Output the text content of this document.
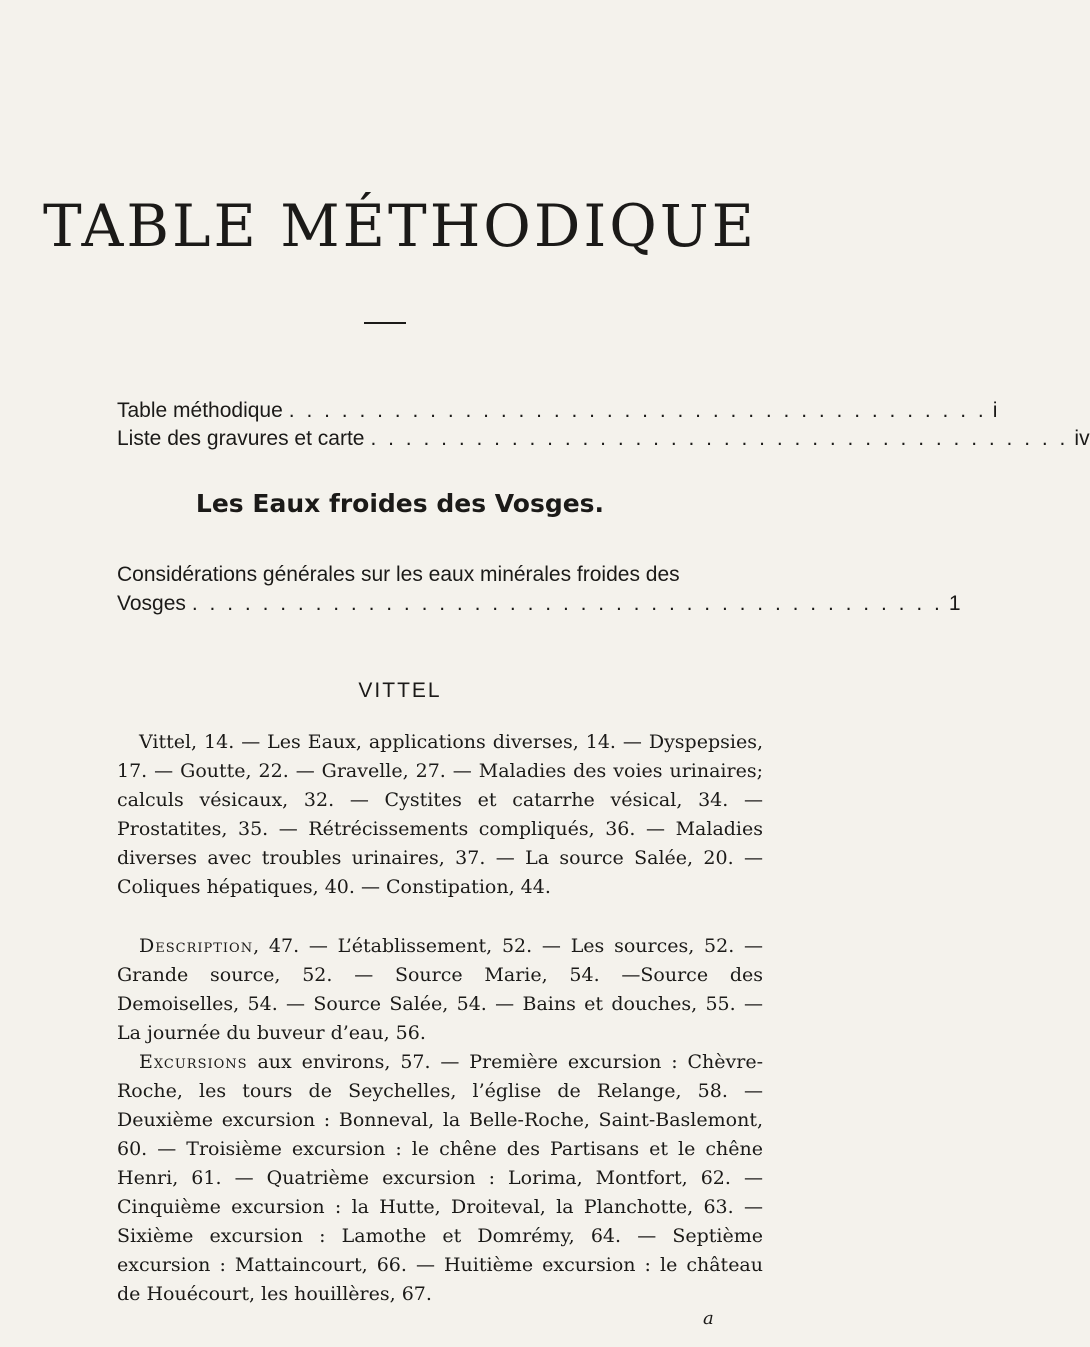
TABLE MÉTHODIQUE
Table méthodique . . . . . . . . . . . . . . . . . . . . . . . . . . . . . . . . . . . . . . . . i
Liste des gravures et carte . . . . . . . . . . . . . . . . . . . . . . . . . . . . . . . . . . . . . . . . iv
Les Eaux froides des Vosges.
Considérations générales sur les eaux minérales froides des
Vosges . . . . . . . . . . . . . . . . . . . . . . . . . . . . . . . . . . . . . . . . . . . 1
VITTEL
Vittel, 14. — Les Eaux, applications diverses, 14. — Dyspepsies, 17. — Goutte, 22. — Gravelle, 27. — Maladies des voies urinaires; calculs vésicaux, 32. — Cystites et catarrhe vésical, 34. — Prostatites, 35. — Rétrécissements compliqués, 36. — Maladies diverses avec troubles urinaires, 37. — La source Salée, 20. — Coliques hépatiques, 40. — Constipation, 44.
Description, 47. — L’établissement, 52. — Les sources, 52. — Grande source, 52. — Source Marie, 54. —Source des Demoiselles, 54. — Source Salée, 54. — Bains et douches, 55. — La journée du buveur d’eau, 56.
Excursions aux environs, 57. — Première excursion : Chèvre-Roche, les tours de Seychelles, l’église de Relange, 58. — Deuxième excursion : Bonneval, la Belle-Roche, Saint-Baslemont, 60. — Troisième excursion : le chêne des Partisans et le chêne Henri, 61. — Quatrième excursion : Lorima, Montfort, 62. — Cinquième excursion : la Hutte, Droiteval, la Planchotte, 63. — Sixième excursion : Lamothe et Domrémy, 64. — Septième excursion : Mattaincourt, 66. — Huitième excursion : le château de Houécourt, les houillères, 67.
a
